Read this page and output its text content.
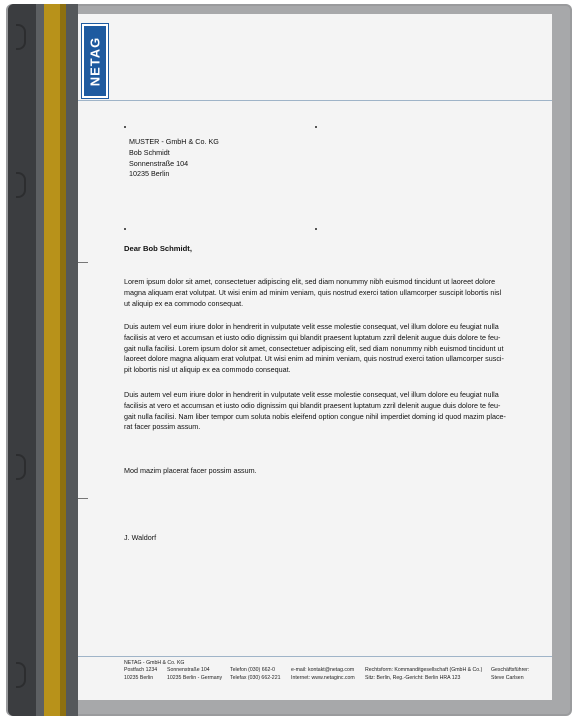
NETAG
MUSTER - GmbH & Co. KG
Bob Schmidt
Sonnenstraße 104
10235 Berlin
Dear Bob Schmidt,
Lorem ipsum dolor sit amet, consectetuer adipiscing elit, sed diam nonummy nibh euismod tincidunt ut laoreet dolore
magna aliquam erat volutpat. Ut wisi enim ad minim veniam, quis nostrud exerci tation ullamcorper suscipit lobortis nisl
ut aliquip ex ea commodo consequat.
Duis autem vel eum iriure dolor in hendrerit in vulputate velit esse molestie consequat, vel illum dolore eu feugiat nulla
facilisis at vero et accumsan et iusto odio dignissim qui blandit praesent luptatum zzril delenit augue duis dolore te feu-
gait nulla facilisi. Lorem ipsum dolor sit amet, consectetuer adipiscing elit, sed diam nonummy nibh euismod tincidunt ut
laoreet dolore magna aliquam erat volutpat. Ut wisi enim ad minim veniam, quis nostrud exerci tation ullamcorper susci-
pit lobortis nisl ut aliquip ex ea commodo consequat.
Duis autem vel eum iriure dolor in hendrerit in vulputate velit esse molestie consequat, vel illum dolore eu feugiat nulla
facilisis at vero et accumsan et iusto odio dignissim qui blandit praesent luptatum zzril delenit augue duis dolore te feu-
gait nulla facilisi. Nam liber tempor cum soluta nobis eleifend option congue nihil imperdiet doming id quod mazim place-
rat facer possim assum.
Mod mazim placerat facer possim assum.
J. Waldorf
NETAG - GmbH & Co. KG
Postfach 1234
10235 Berlin

Sonnenstraße 104
10235 Berlin - Germany

Telefon (030) 662-0
Telefax (030) 662-221

e-mail: kontakt@netag.com
Internet: www.netaginc.com

Rechtsform: Kommanditgesellschaft (GmbH & Co.)
Sitz: Berlin, Reg.-Gericht: Berlin HRA 123

Geschäftsführer:
Steve Carlsen
